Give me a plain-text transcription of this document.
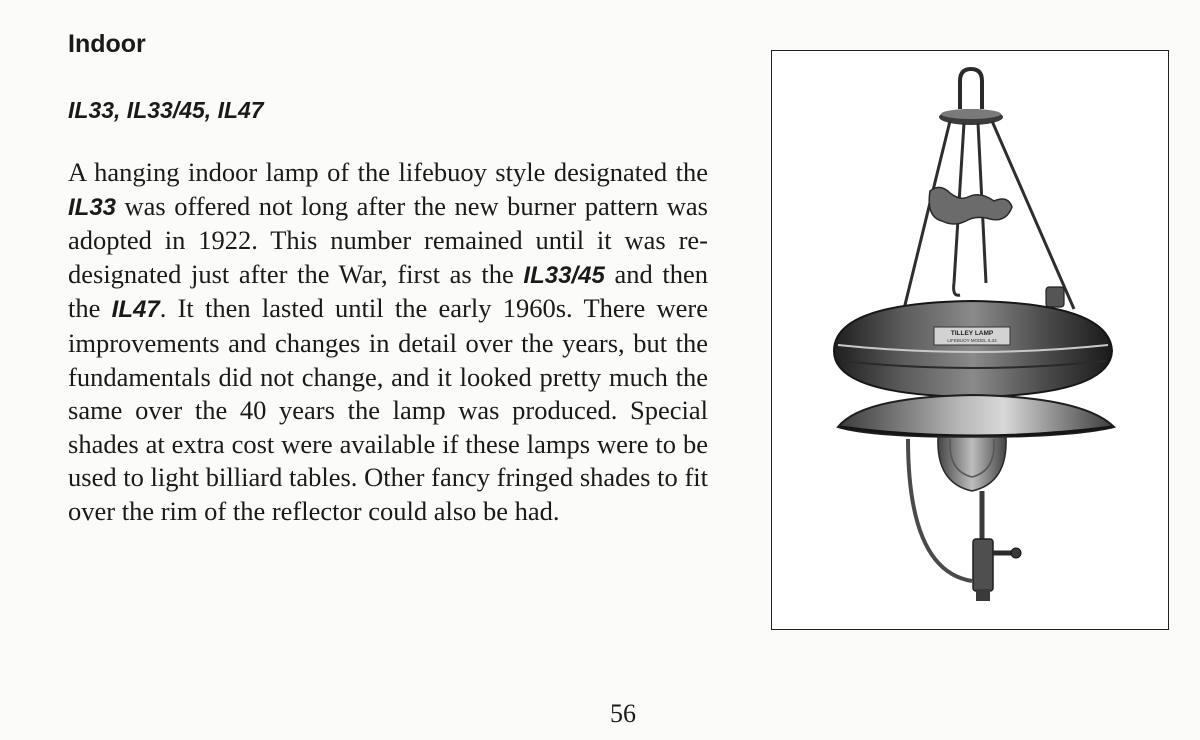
Indoor
IL33, IL33/45, IL47

A hanging indoor lamp of the lifebuoy style designated the IL33 was offered not long after the new burner pattern was adopted in 1922. This number remained until it was re-designated just after the War, first as the IL33/45 and then the IL47. It then lasted until the early 1960s. There were improvements and changes in detail over the years, but the fundamentals did not change, and it looked pretty much the same over the 40 years the lamp was produced. Special shades at extra cost were available if these lamps were to be used to light billiard tables. Other fancy fringed shades to fit over the rim of the reflector could also be had.

TILLEY LAMP
LIFEBUOY MODEL IL33
56
